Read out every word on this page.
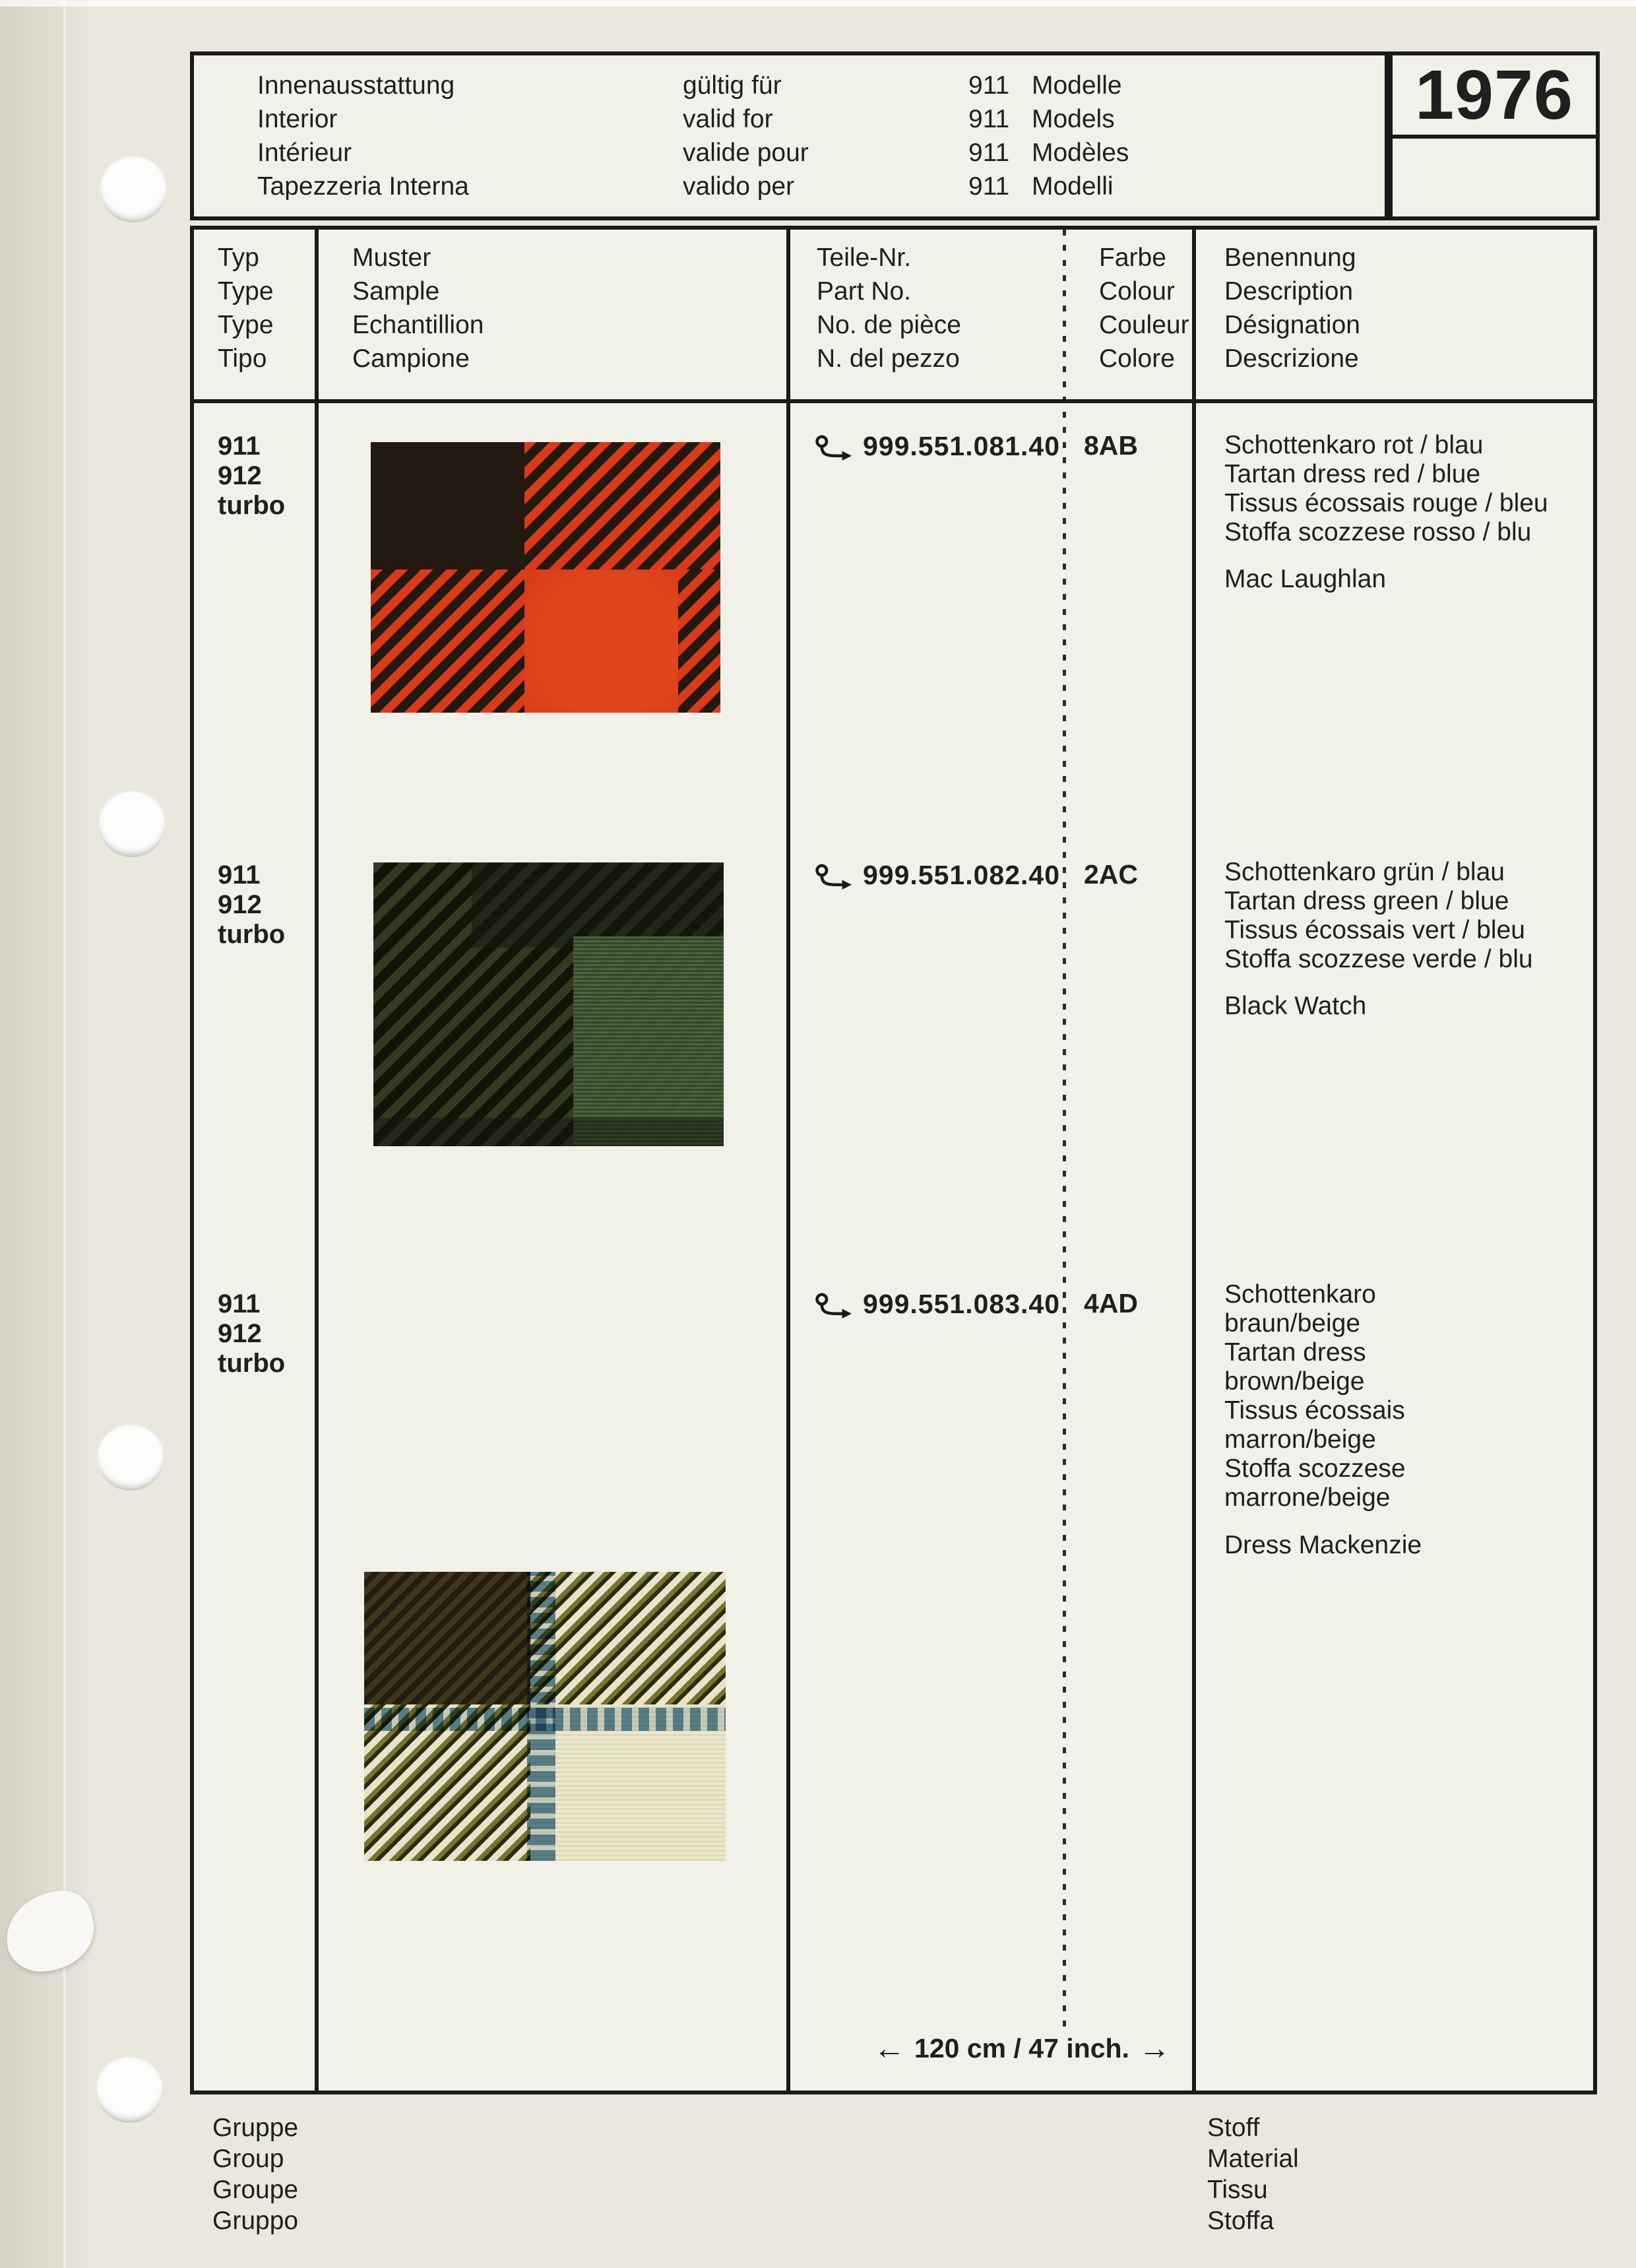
Innenausstattung
Interior
Intérieur
Tapezzeria Interna
gültig für
valid for
valide pour
valido per
911 Modelle
911 Models
911 Modèles
911 Modelli
1976
Typ
Type
Type
Tipo
Muster
Sample
Echantillion
Campione
Teile-Nr.
Part No.
No. de pièce
N. del pezzo
Farbe
Colour
Couleur
Colore
Benennung
Description
Désignation
Descrizione
911
912
turbo
999.551.081.40 8AB	Schottenkaro rot / blau
Tartan dress red / blue
Tissus écossais rouge / bleu
Stoffa scozzese rosso / blu
Mac Laughlan
911
912
turbo
999.551.082.40 2AC	Schottenkaro grün / blau
Tartan dress green / blue
Tissus écossais vert / bleu
Stoffa scozzese verde / blu
Black Watch
911
912
turbo
999.551.083.40 4AD	Schottenkaro
braun/beige
Tartan dress
brown/beige
Tissus écossais
marron/beige
Stoffa scozzese
marrone/beige
Dress Mackenzie
← 120 cm / 47 inch. →
Gruppe
Group
Groupe
Gruppo
Stoff
Material
Tissu
Stoffa
